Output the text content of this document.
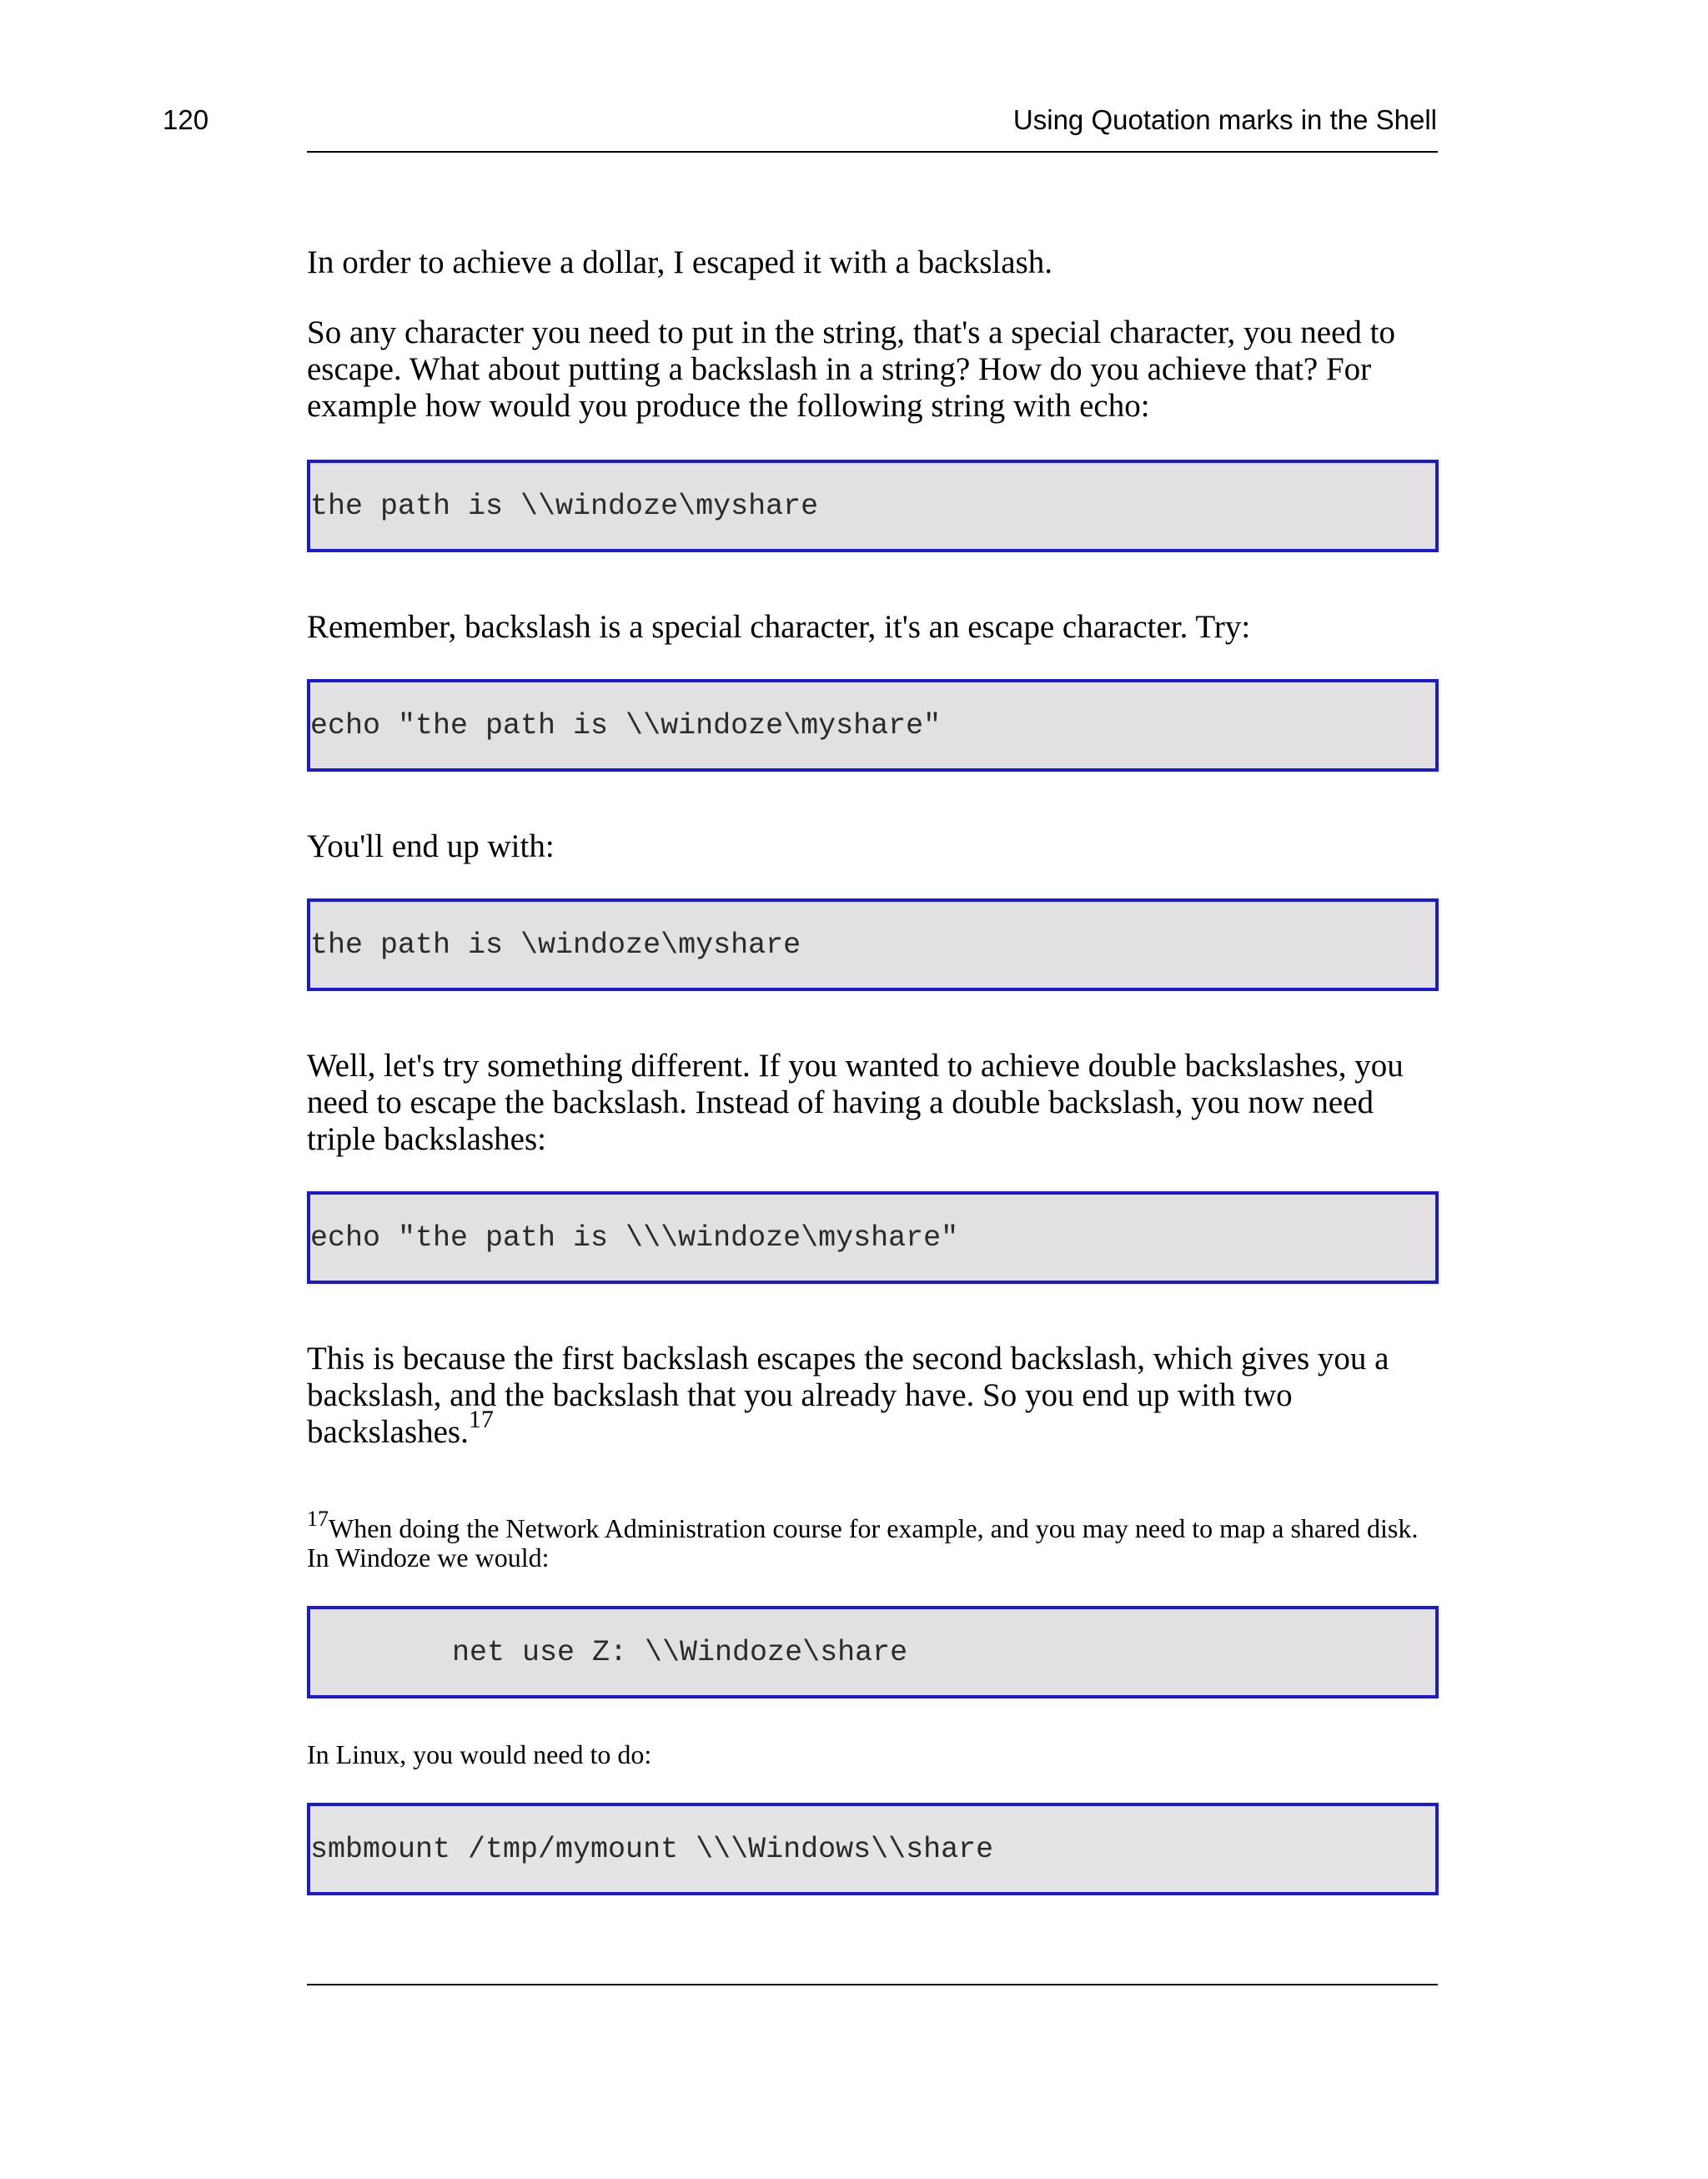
120	Using Quotation marks in the Shell

In order to achieve a dollar, I escaped it with a backslash.

So any character you need to put in the string, that's a special character, you need to escape. What about putting a backslash in a string? How do you achieve that? For example how would you produce the following string with echo:

the path is \\windoze\myshare

Remember, backslash is a special character, it's an escape character. Try:

echo "the path is \\windoze\myshare"

You'll end up with:

the path is \windoze\myshare

Well, let's try something different. If you wanted to achieve double backslashes, you need to escape the backslash. Instead of having a double backslash, you now need triple backslashes:

echo "the path is \\\windoze\myshare"

This is because the first backslash escapes the second backslash, which gives you a backslash, and the backslash that you already have. So you end up with two backslashes.$^{17}$

$^{17}$When doing the Network Administration course for example, and you may need to map a shared disk. In Windoze we would:

net use Z: \\Windoze\share

In Linux, you would need to do:

smbmount /tmp/mymount \\\Windows\\share
